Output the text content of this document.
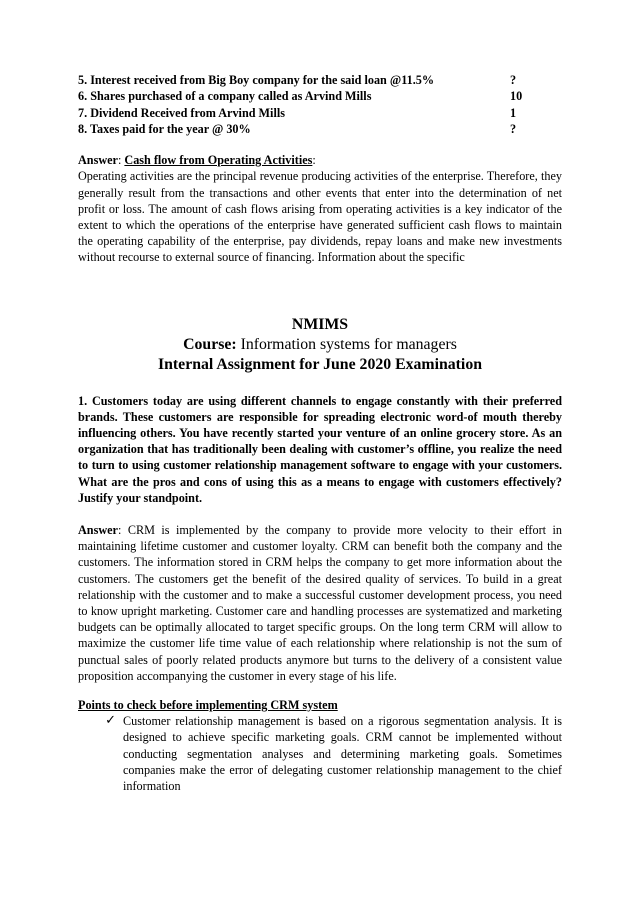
5. Interest received from Big Boy company for the said loan @11.5%	?
6. Shares purchased of a company called as Arvind Mills	10
7. Dividend Received from Arvind Mills	1
8. Taxes paid for the year @ 30%	?
Answer: Cash flow from Operating Activities:

Operating activities are the principal revenue producing activities of the enterprise. Therefore, they generally result from the transactions and other events that enter into the determination of net profit or loss. The amount of cash flows arising from operating activities is a key indicator of the extent to which the operations of the enterprise have generated sufficient cash flows to maintain the operating capability of the enterprise, pay dividends, repay loans and make new investments without recourse to external source of financing. Information about the specific

NMIMS
Course: Information systems for managers
Internal Assignment for June 2020 Examination

1. Customers today are using different channels to engage constantly with their preferred brands. These customers are responsible for spreading electronic word-of mouth thereby influencing others. You have recently started your venture of an online grocery store. As an organization that has traditionally been dealing with customer’s offline, you realize the need to turn to using customer relationship management software to engage with your customers. What are the pros and cons of using this as a means to engage with customers effectively? Justify your standpoint.

Answer: CRM is implemented by the company to provide more velocity to their effort in maintaining lifetime customer and customer loyalty. CRM can benefit both the company and the customers. The information stored in CRM helps the company to get more information about the customers. The customers get the benefit of the desired quality of services. To build in a great relationship with the customer and to make a successful customer development process, you need to know upright marketing. Customer care and handling processes are systematized and marketing budgets can be optimally allocated to target specific groups. On the long term CRM will allow to maximize the customer life time value of each relationship where relationship is not the sum of punctual sales of poorly related products anymore but turns to the delivery of a consistent value proposition accompanying the customer in every stage of his life.

Points to check before implementing CRM system
✓ Customer relationship management is based on a rigorous segmentation analysis. It is designed to achieve specific marketing goals. CRM cannot be implemented without conducting segmentation analyses and determining marketing goals. Sometimes companies make the error of delegating customer relationship management to the chief information
